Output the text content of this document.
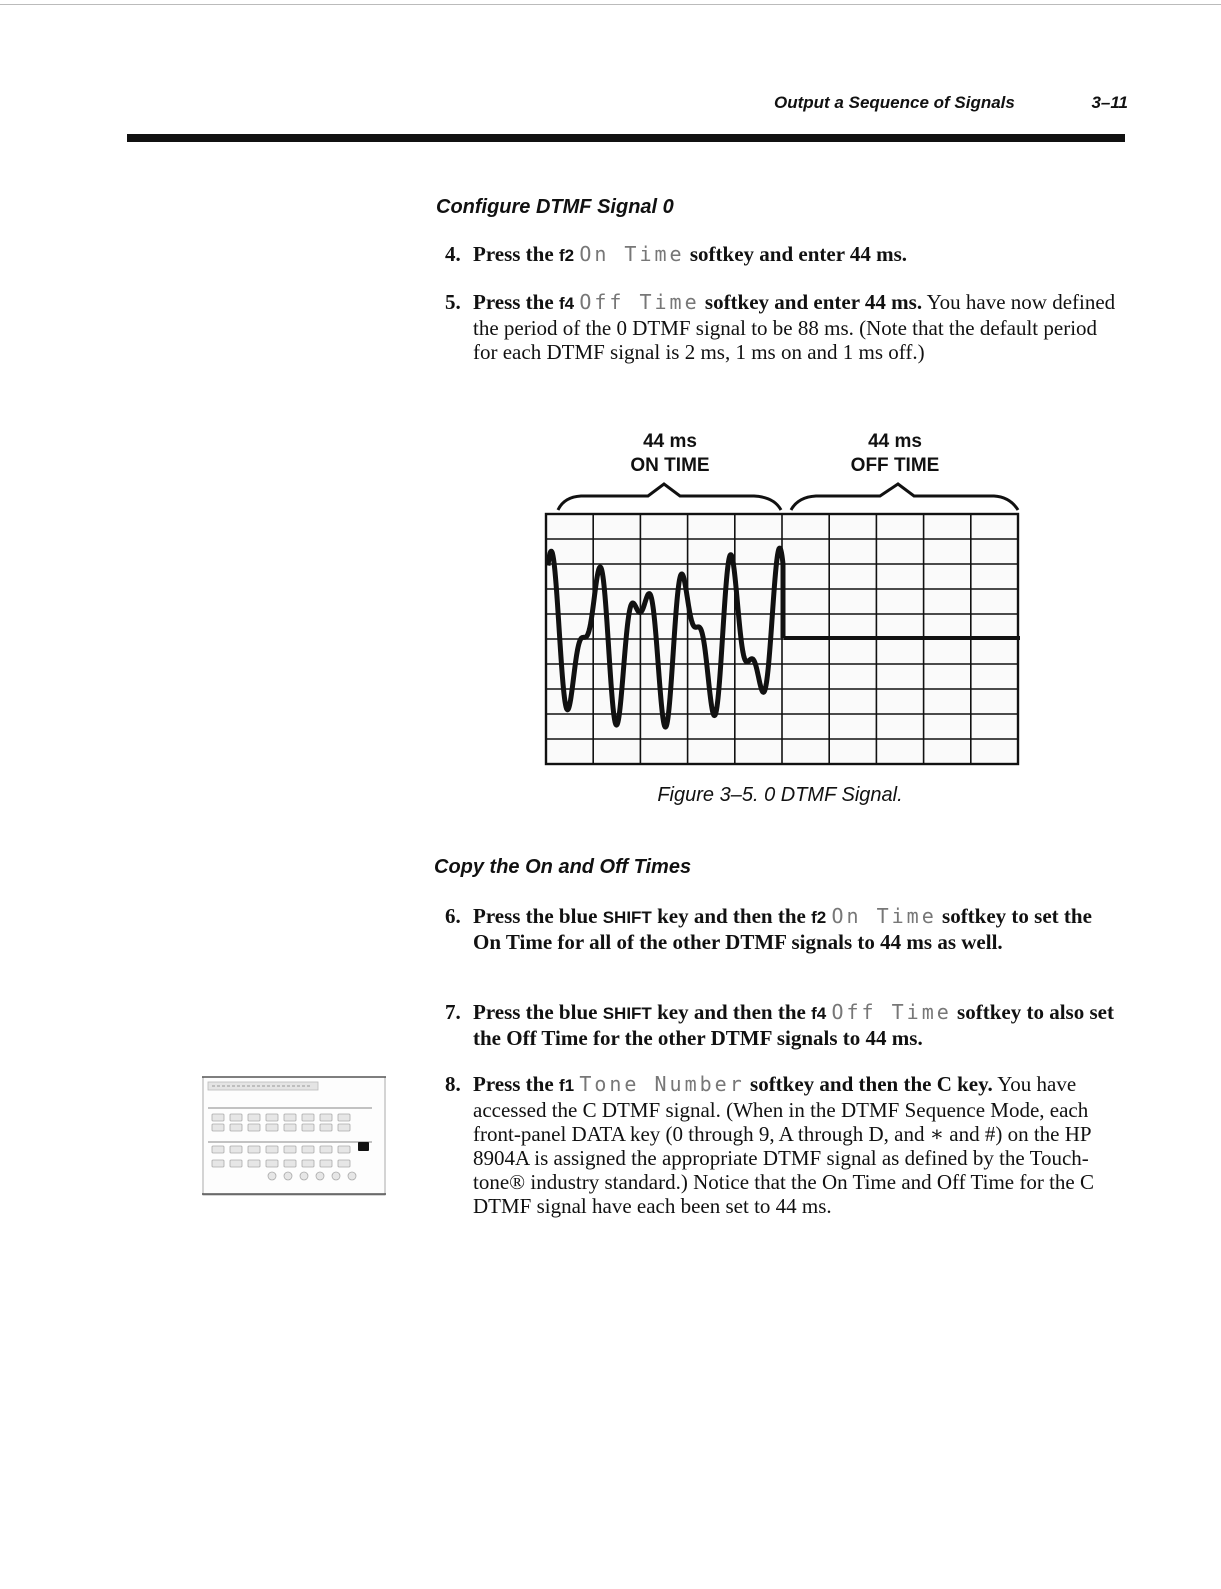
Output a Sequence of Signals	3–11
Configure DTMF Signal 0
4. Press the f2 On Time softkey and enter 44 ms.
5. Press the f4 Off Time softkey and enter 44 ms. You have now defined the period of the 0 DTMF signal to be 88 ms. (Note that the default period for each DTMF signal is 2 ms, 1 ms on and 1 ms off.)
44 ms
ON TIME
44 ms
OFF TIME
Figure 3–5. 0 DTMF Signal.
Copy the On and Off Times
6. Press the blue SHIFT key and then the f2 On Time softkey to set the On Time for all of the other DTMF signals to 44 ms as well.
7. Press the blue SHIFT key and then the f4 Off Time softkey to also set the Off Time for the other DTMF signals to 44 ms.
8. Press the f1 Tone Number softkey and then the C key. You have accessed the C DTMF signal. (When in the DTMF Sequence Mode, each front-panel DATA key (0 through 9, A through D, and ∗ and #) on the HP 8904A is assigned the appropriate DTMF signal as defined by the Touch-tone® industry standard.) Notice that the On Time and Off Time for the C DTMF signal have each been set to 44 ms.
